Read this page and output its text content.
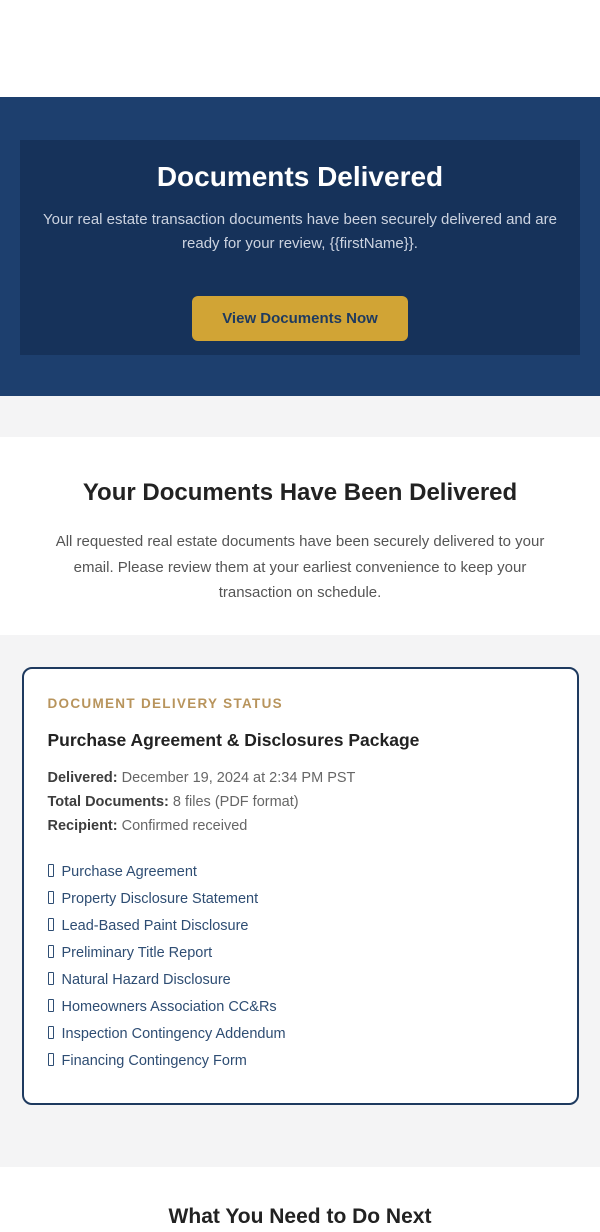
Documents Delivered

Your real estate transaction documents have been securely delivered and are ready for your review, {{firstName}}.

View Documents Now
Your Documents Have Been Delivered

All requested real estate documents have been securely delivered to your email. Please review them at your earliest convenience to keep your transaction on schedule.

DOCUMENT DELIVERY STATUS
Purchase Agreement & Disclosures Package
Delivered: December 19, 2024 at 2:34 PM PST
Total Documents: 8 files (PDF format)
Recipient: Confirmed received
Purchase Agreement
Property Disclosure Statement
Lead-Based Paint Disclosure
Preliminary Title Report
Natural Hazard Disclosure
Homeowners Association CC&Rs
Inspection Contingency Addendum
Financing Contingency Form
What You Need to Do Next
